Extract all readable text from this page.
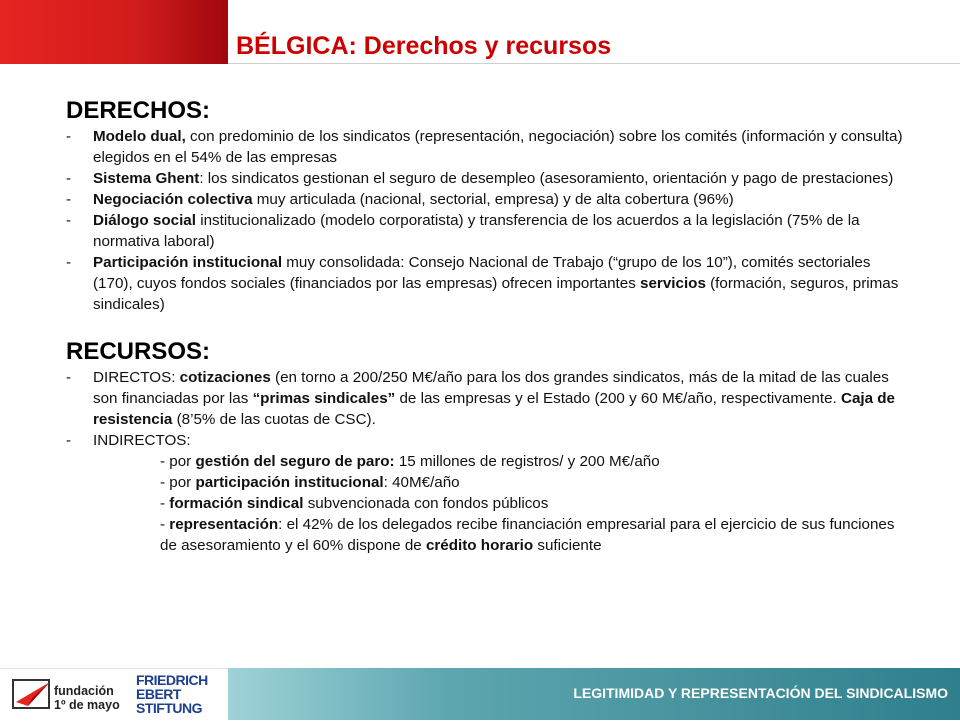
BÉLGICA: Derechos y recursos
DERECHOS:
- Modelo dual, con predominio de los sindicatos (representación, negociación) sobre los comités (información y consulta) elegidos en el 54% de las empresas
- Sistema Ghent: los sindicatos gestionan el seguro de desempleo (asesoramiento, orientación y pago de prestaciones)
- Negociación colectiva muy articulada (nacional, sectorial, empresa) y de alta cobertura (96%)
- Diálogo social institucionalizado (modelo corporatista) y transferencia de los acuerdos a la legislación (75% de la normativa laboral)
- Participación institucional muy consolidada: Consejo Nacional de Trabajo (“grupo de los 10”), comités sectoriales (170), cuyos fondos sociales (financiados por las empresas) ofrecen importantes servicios (formación, seguros, primas sindicales)
RECURSOS:
- DIRECTOS: cotizaciones (en torno a 200/250 M€/año para los dos grandes sindicatos, más de la mitad de las cuales son financiadas por las “primas sindicales” de las empresas y el Estado (200 y 60 M€/año, respectivamente. Caja de resistencia (8’5% de las cuotas de CSC).
- INDIRECTOS:
- por gestión del seguro de paro: 15 millones de registros/ y 200 M€/año
- por participación institucional: 40M€/año
- formación sindical subvencionada con fondos públicos
- representación: el 42% de los delegados recibe financiación empresarial para el ejercicio de sus funciones de asesoramiento y el 60% dispone de crédito horario suficiente
fundación
1º de mayo
FRIEDRICH
EBERT
STIFTUNG
LEGITIMIDAD Y REPRESENTACIÓN DEL SINDICALISMO
